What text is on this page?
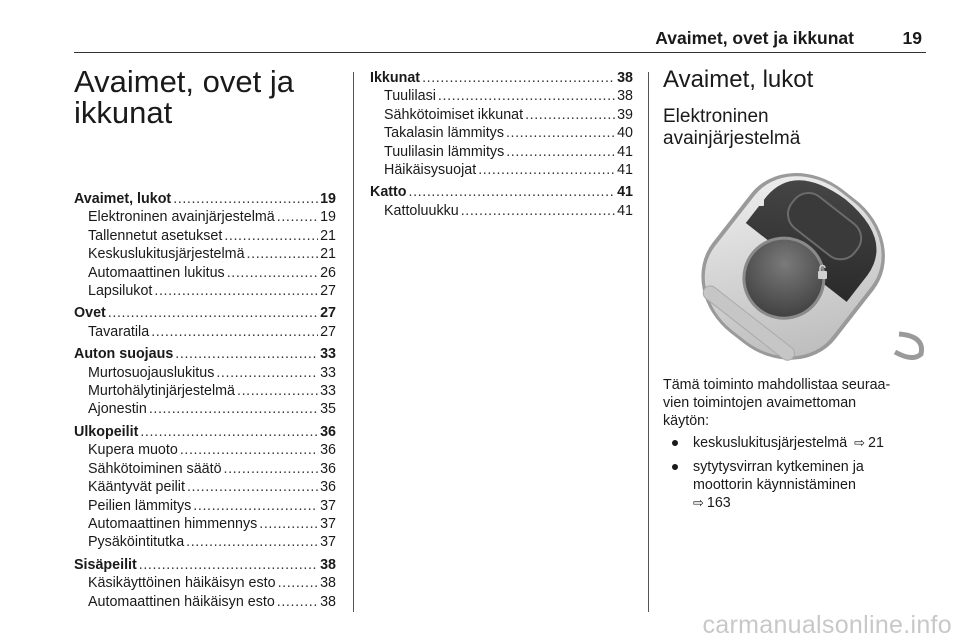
Avaimet, ovet ja ikkunat	19
Avaimet, ovet ja
ikkunat
Avaimet, lukot .....	19
Elektroninen avainjärjestelmä .....	19
Tallennetut asetukset .....	21
Keskuslukitusjärjestelmä .....	21
Automaattinen lukitus .....	26
Lapsilukot .....	27
Ovet .....	27
Tavaratila .....	27
Auton suojaus .....	33
Murtosuojauslukitus .....	33
Murtohälytinjärjestelmä .....	33
Ajonestin .....	35
Ulkopeilit .....	36
Kupera muoto .....	36
Sähkötoiminen säätö .....	36
Kääntyvät peilit .....	36
Peilien lämmitys .....	37
Automaattinen himmennys .....	37
Pysäköintitutka .....	37
Sisäpeilit .....	38
Käsikäyttöinen häikäisyn esto .....	38
Automaattinen häikäisyn esto .....	38
Ikkunat .....	38
Tuulilasi .....	38
Sähkötoimiset ikkunat .....	39
Takalasin lämmitys .....	40
Tuulilasin lämmitys .....	41
Häikäisysuojat .....	41
Katto .....	41
Kattoluukku .....	41
Avaimet, lukot
Elektroninen
avainjärjestelmä

Tämä toiminto mahdollistaa seuraa-
vien toimintojen avaimettoman
käytön:

keskuslukitusjärjestelmä ⇨ 21
sytytysvirran kytkeminen ja
moottorin käynnistäminen
⇨ 163
carmanualsonline.info
